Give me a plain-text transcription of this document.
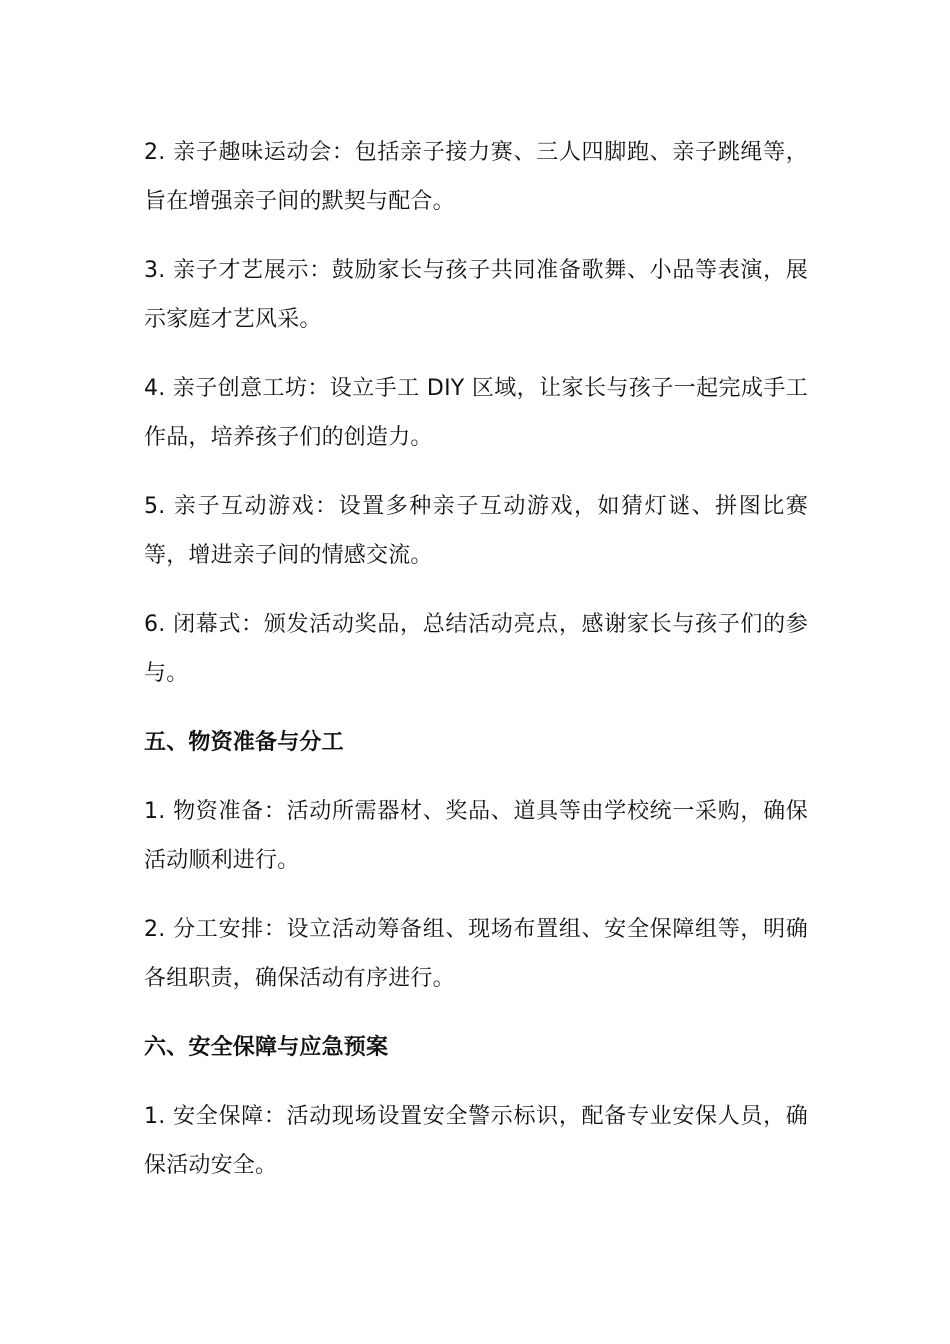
2. 亲子趣味运动会：包括亲子接力赛、三人四脚跑、亲子跳绳等，旨在增强亲子间的默契与配合。

3. 亲子才艺展示：鼓励家长与孩子共同准备歌舞、小品等表演，展示家庭才艺风采。

4. 亲子创意工坊：设立手工 DIY 区域，让家长与孩子一起完成手工作品，培养孩子们的创造力。

5. 亲子互动游戏：设置多种亲子互动游戏，如猜灯谜、拼图比赛等，增进亲子间的情感交流。

6. 闭幕式：颁发活动奖品，总结活动亮点，感谢家长与孩子们的参与。

五、物资准备与分工

1. 物资准备：活动所需器材、奖品、道具等由学校统一采购，确保活动顺利进行。

2. 分工安排：设立活动筹备组、现场布置组、安全保障组等，明确各组职责，确保活动有序进行。

六、安全保障与应急预案

1. 安全保障：活动现场设置安全警示标识，配备专业安保人员，确保活动安全。
